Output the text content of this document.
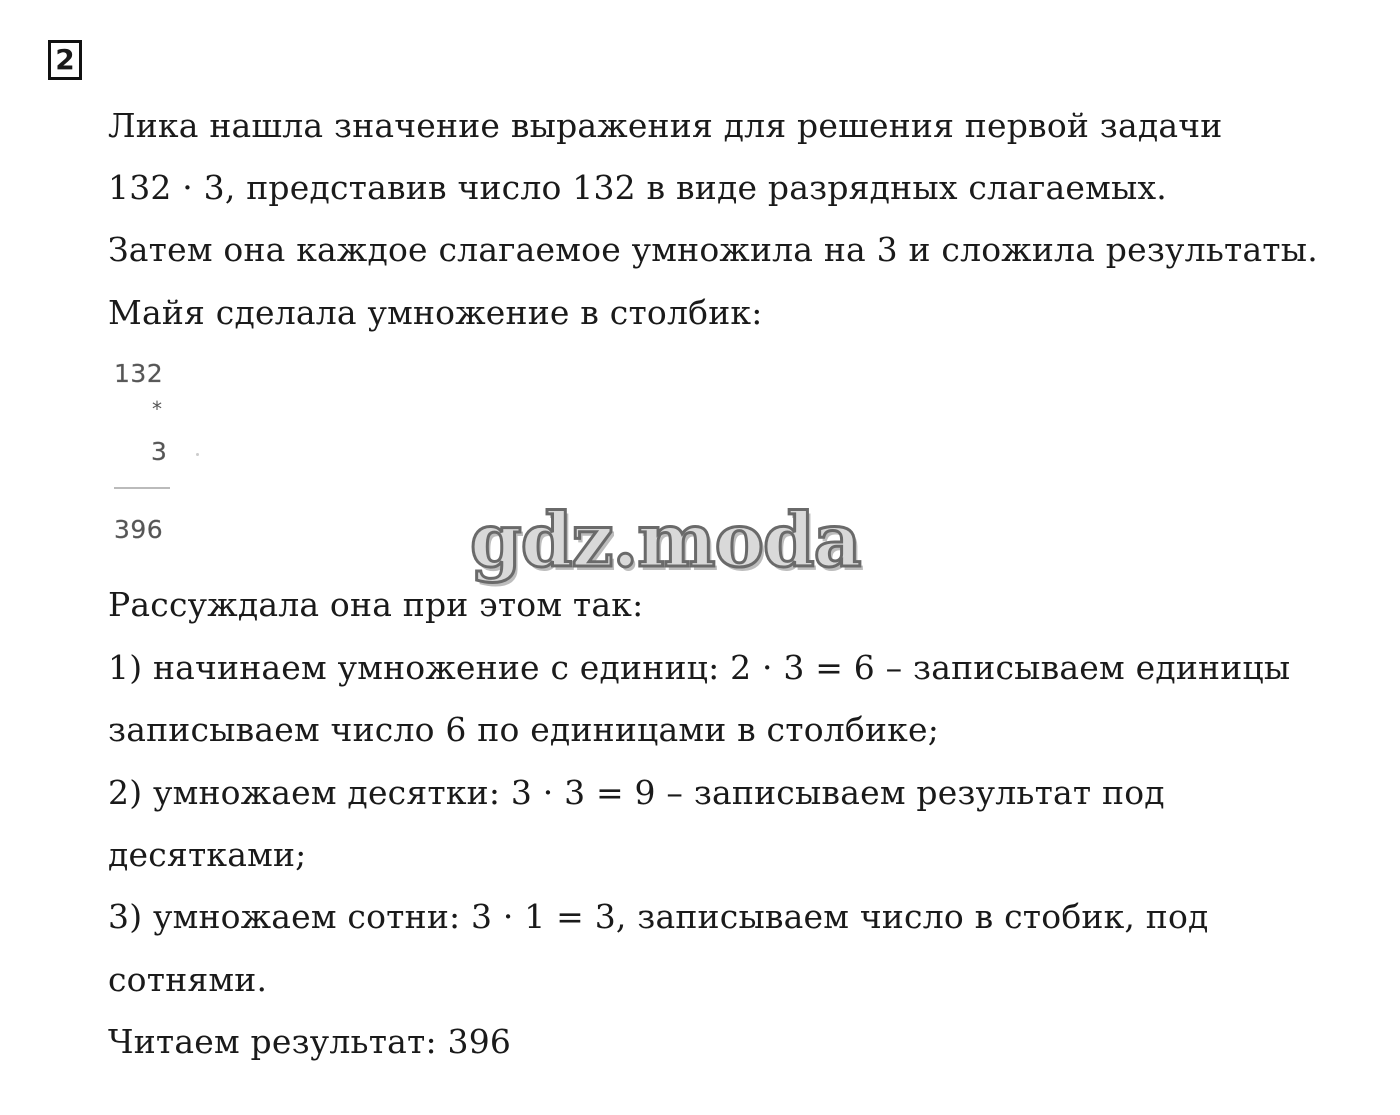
2
Лика нашла значение выражения для решения первой задачи
132 · 3, представив число 132 в виде разрядных слагаемых.
Затем она каждое слагаемое умножила на 3 и сложила результаты.
Майя сделала умножение в столбик:
132
*
3
396	gdz.moda
Рассуждала она при этом так:
1) начинаем умножение с единиц: 2 · 3 = 6 – записываем единицы
записываем число 6 по единицами в столбике;
2) умножаем десятки: 3 · 3 = 9 – записываем результат под
десятками;
3) умножаем сотни: 3 · 1 = 3, записываем число в стобик, под
сотнями.
Читаем результат: 396
